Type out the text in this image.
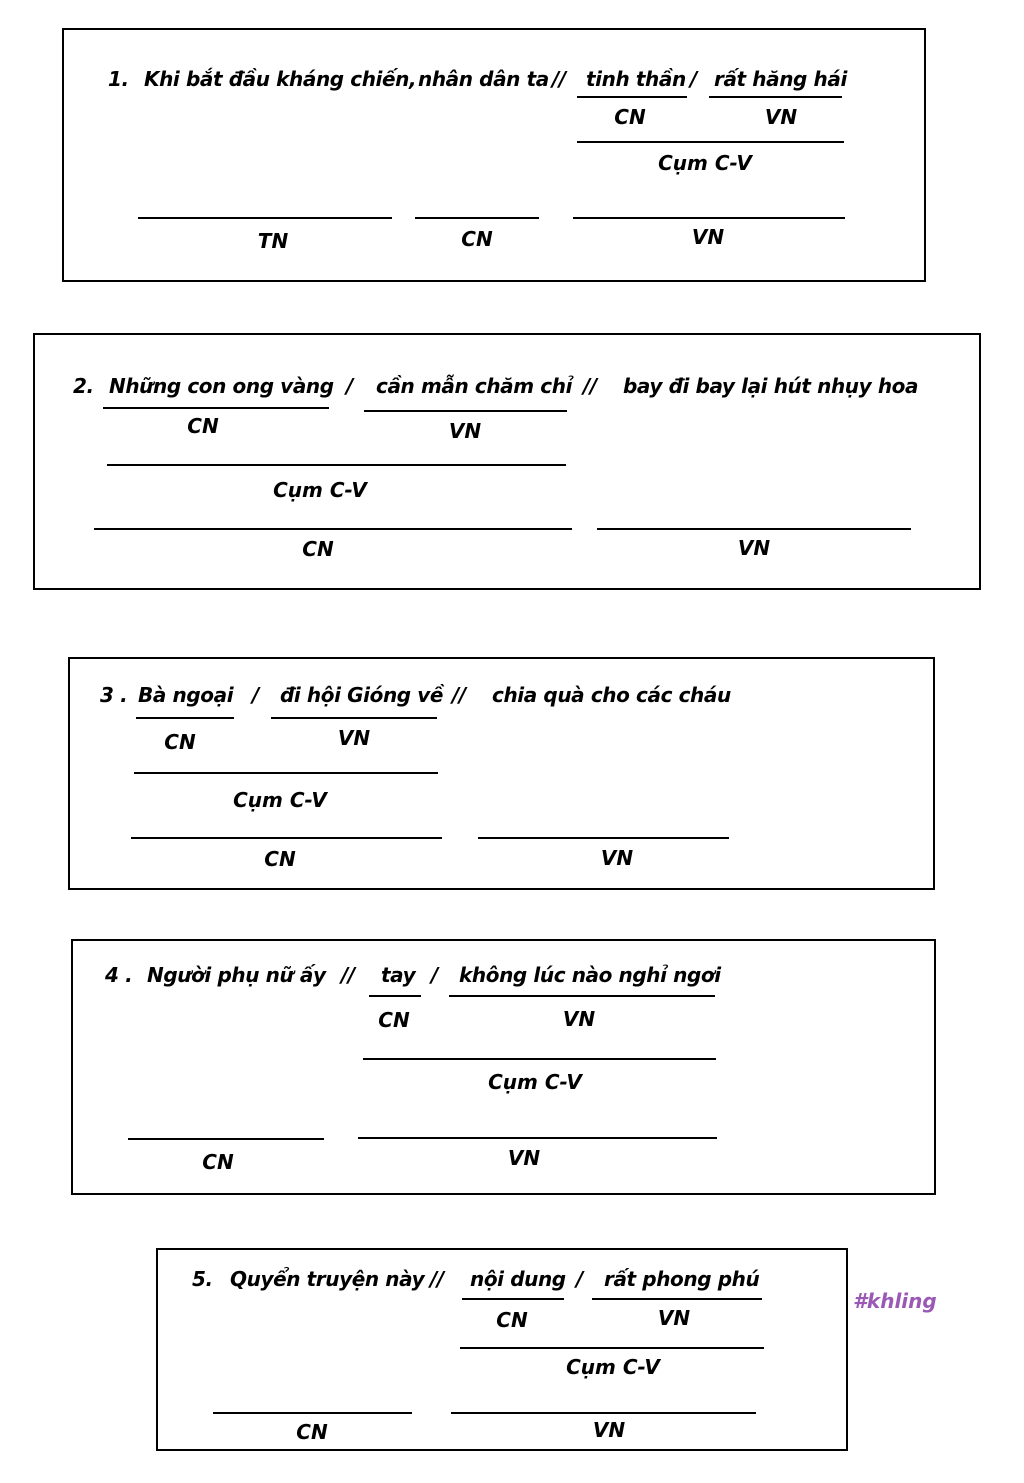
1. Khi bắt đầu kháng chiến, nhân dân ta // tinh thần / rất hăng hái
CN	VN
Cụm C-V
TN	CN	VN
2. Những con ong vàng / cần mẫn chăm chỉ // bay đi bay lại hút nhụy hoa
CN	VN
Cụm C-V
CN	VN
3 . Bà ngoại / đi hội Gióng về // chia quà cho các cháu
CN	VN
Cụm C-V
CN	VN
4 . Người phụ nữ ấy // tay / không lúc nào nghỉ ngơi
CN	VN
Cụm C-V
CN	VN
5. Quyển truyện này // nội dung / rất phong phú
CN	VN
Cụm C-V
CN	VN
#khling
